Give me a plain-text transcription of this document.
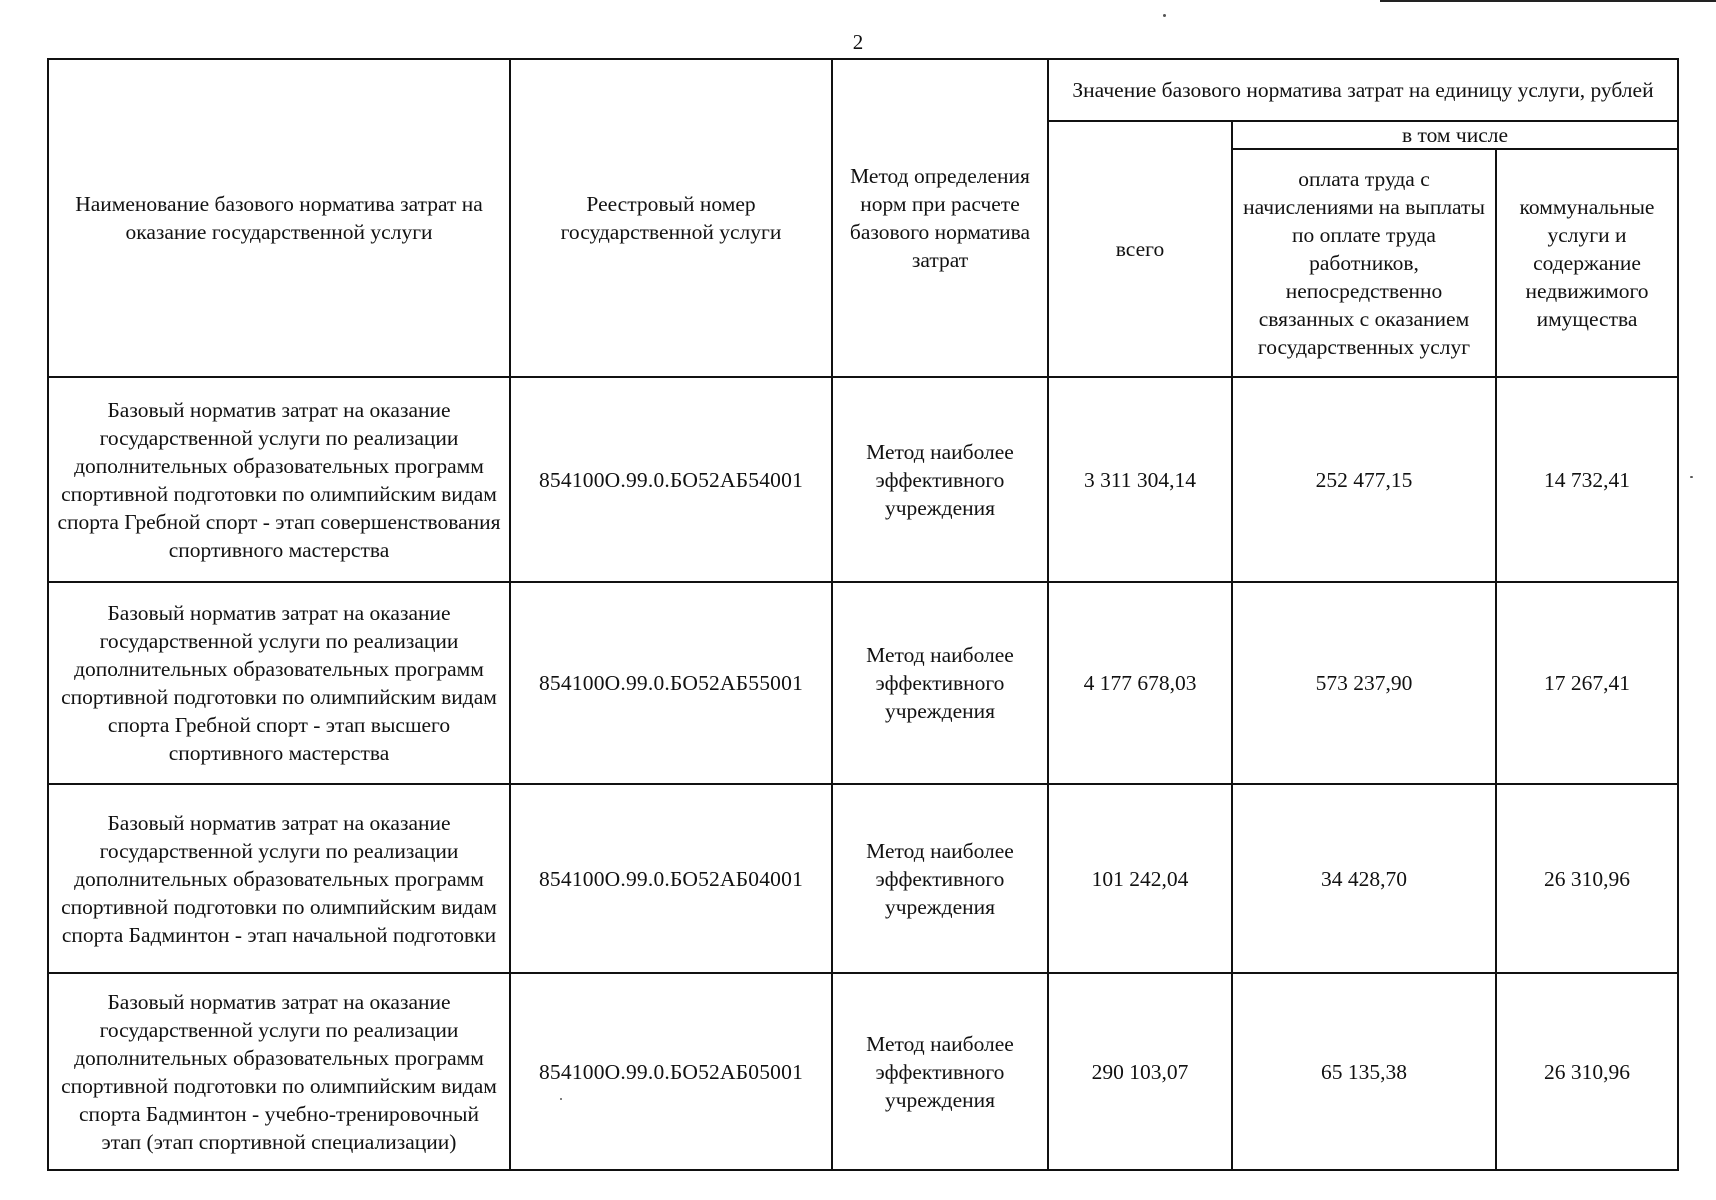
2
Наименование базового норматива затрат на оказание государственной услуги	Реестровый номер государственной услуги	Метод определения норм при расчете базового норматива затрат	Значение базового норматива затрат на единицу услуги, рублей		
			всего	в том числе	
				оплата труда с начислениями на выплаты по оплате труда работников, непосредственно связанных с оказанием государственных услуг	коммунальные услуги и содержание недвижимого имущества
Базовый норматив затрат на оказание государственной услуги по реализации дополнительных образовательных программ спортивной подготовки по олимпийским видам спорта Гребной спорт - этап совершенствования спортивного мастерства	854100О.99.0.БО52АБ54001	Метод наиболее эффективного учреждения	3 311 304,14	252 477,15	14 732,41
Базовый норматив затрат на оказание государственной услуги по реализации дополнительных образовательных программ спортивной подготовки по олимпийским видам спорта Гребной спорт - этап высшего спортивного мастерства	854100О.99.0.БО52АБ55001	Метод наиболее эффективного учреждения	4 177 678,03	573 237,90	17 267,41
Базовый норматив затрат на оказание государственной услуги по реализации дополнительных образовательных программ спортивной подготовки по олимпийским видам спорта Бадминтон - этап начальной подготовки	854100О.99.0.БО52АБ04001	Метод наиболее эффективного учреждения	101 242,04	34 428,70	26 310,96
Базовый норматив затрат на оказание государственной услуги по реализации дополнительных образовательных программ спортивной подготовки по олимпийским видам спорта Бадминтон - учебно-тренировочный этап (этап спортивной специализации)	854100О.99.0.БО52АБ05001	Метод наиболее эффективного учреждения	290 103,07	65 135,38	26 310,96
